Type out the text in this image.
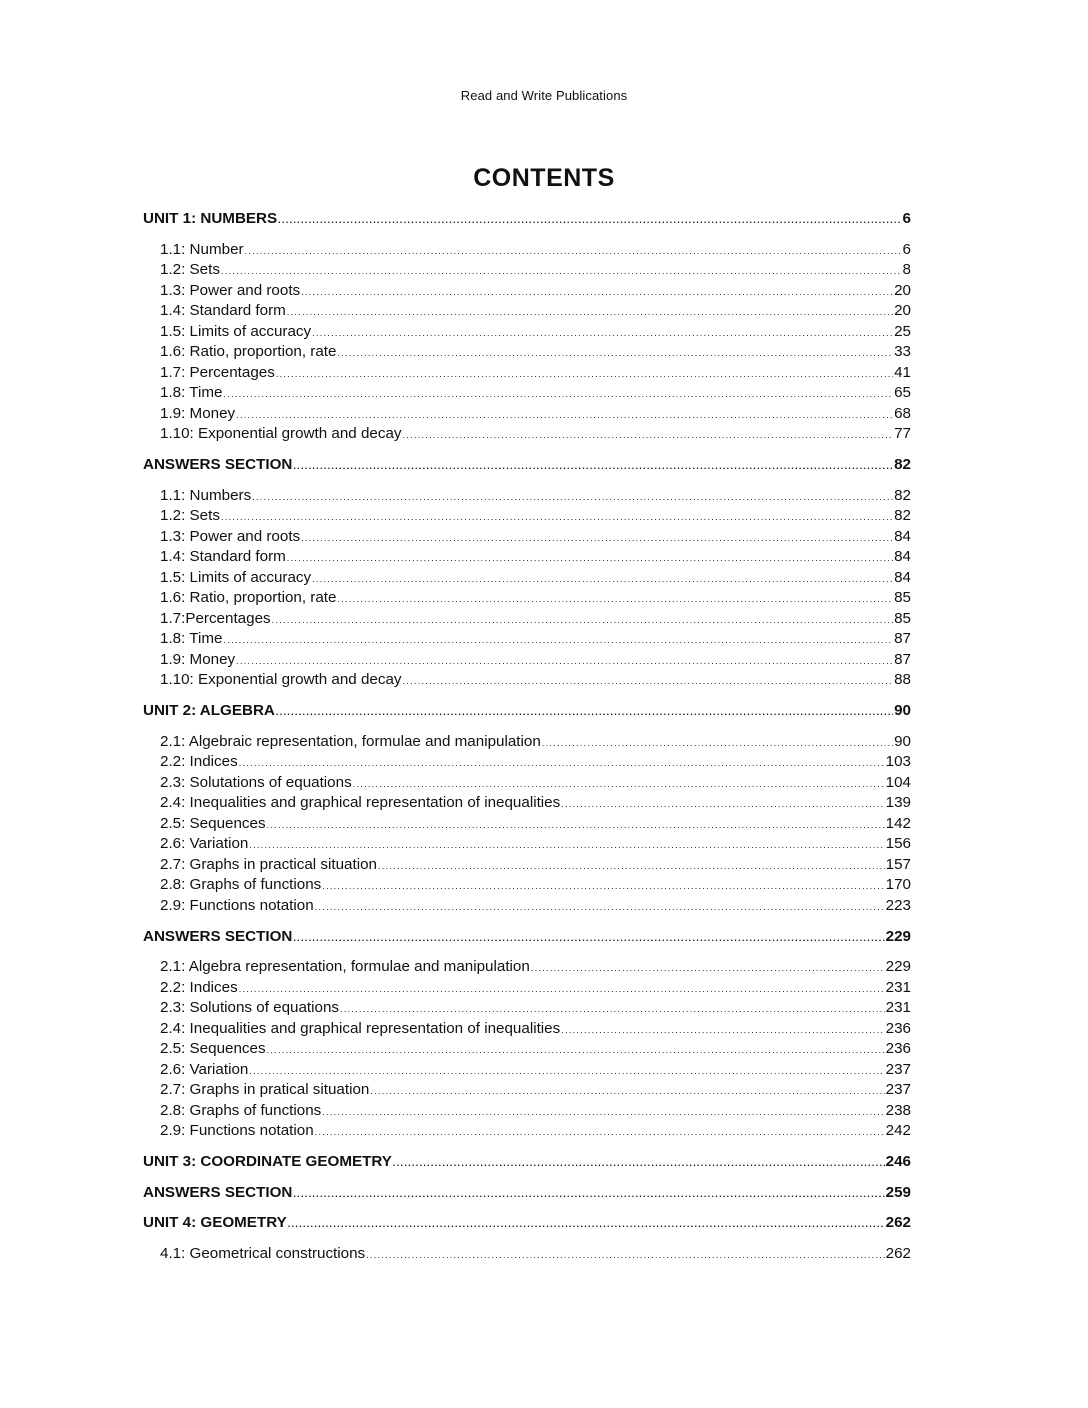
Read and Write Publications
CONTENTS
UNIT 1: NUMBERS . . .	6
1.1: Number . . .	6
1.2: Sets . . .	8
1.3: Power and roots . . .	20
1.4: Standard form . . .	20
1.5: Limits of accuracy . . .	25
1.6: Ratio, proportion, rate . . .	33
1.7: Percentages . . .	41
1.8: Time . . .	65
1.9: Money . . .	68
1.10: Exponential growth and decay . . .	77
ANSWERS SECTION . . .	82
1.1: Numbers . . .	82
1.2: Sets . . .	82
1.3: Power and roots . . .	84
1.4: Standard form . . .	84
1.5: Limits of accuracy . . .	84
1.6: Ratio, proportion, rate . . .	85
1.7:Percentages . . .	85
1.8: Time . . .	87
1.9: Money . . .	87
1.10: Exponential growth and decay . . .	88
UNIT 2: ALGEBRA . . .	90
2.1: Algebraic representation, formulae and manipulation . . .	90
2.2: Indices . . .	103
2.3: Solutations of equations . . .	104
2.4: Inequalities and graphical representation of inequalities . . .	139
2.5: Sequences . . .	142
2.6: Variation . . .	156
2.7: Graphs in practical situation . . .	157
2.8: Graphs of functions . . .	170
2.9: Functions notation . . .	223
ANSWERS SECTION . . .	229
2.1: Algebra representation, formulae and manipulation . . .	229
2.2: Indices . . .	231
2.3: Solutions of equations . . .	231
2.4: Inequalities and graphical representation of inequalities . . .	236
2.5: Sequences . . .	236
2.6: Variation . . .	237
2.7: Graphs in pratical situation . . .	237
2.8: Graphs of functions . . .	238
2.9: Functions notation . . .	242
UNIT 3: COORDINATE GEOMETRY . . .	246
ANSWERS SECTION . . .	259
UNIT 4: GEOMETRY . . .	262
4.1: Geometrical constructions . . .	262
